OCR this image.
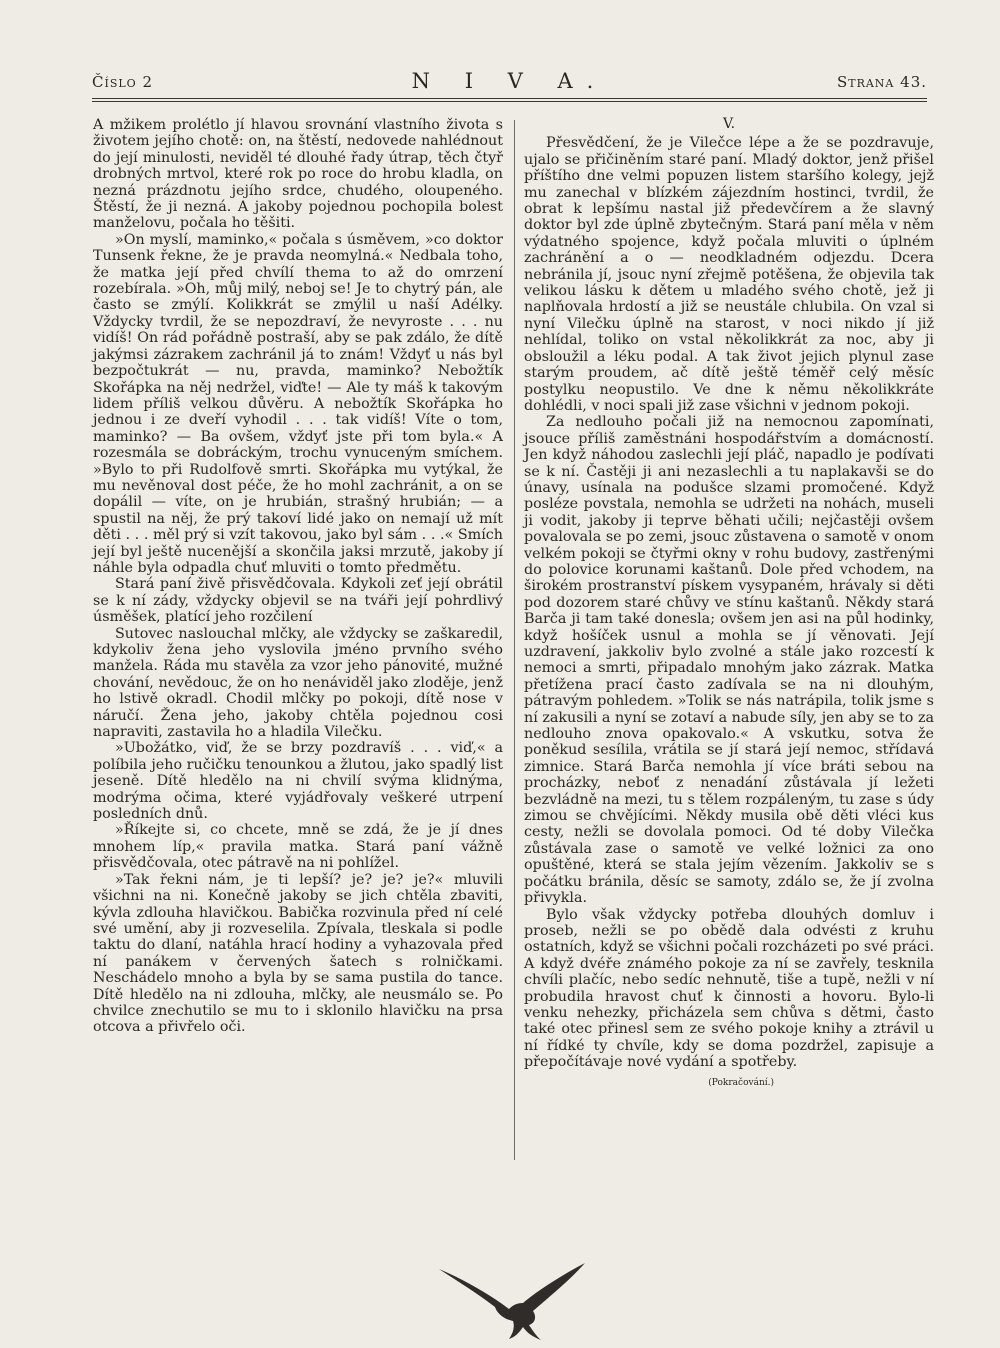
Číslo 2	N I V A.	Strana 43.

A mžikem prolétlo jí hlavou srovnání vlastního života s životem jejího chotě: on, na štěstí, nedovede nahlédnout do její minulosti, neviděl té dlouhé řady útrap, těch čtyř drobných mrtvol, které rok po roce do hrobu kladla, on nezná prázdnotu jejího srdce, chudého, oloupeného. Štěstí, že ji nezná. A jakoby pojednou pochopila bolest manželovu, počala ho těšiti.

»On myslí, maminko,« počala s úsměvem, »co doktor Tunsenk řekne, že je pravda neomylná.« Nedbala toho, že matka její před chvílí thema to až do omrzení rozebírala. »Oh, můj milý, neboj se! Je to chytrý pán, ale často se zmýlí. Kolikkrát se zmýlil u naší Adélky. Vždycky tvrdil, že se nepozdraví, že nevyroste . . . nu vidíš! On rád pořádně postraší, aby se pak zdálo, že dítě jakýmsi zázrakem zachránil já to znám! Vždyť u nás byl bezpočtukrát — nu, pravda, maminko? Nebožtík Skořápka na něj nedržel, viďte! — Ale ty máš k takovým lidem příliš velkou důvěru. A nebožtík Skořápka ho jednou i ze dveří vyhodil . . . tak vidíš! Víte o tom, maminko? — Ba ovšem, vždyť jste při tom byla.« A rozesmála se dobráckým, trochu vynuceným smíchem. »Bylo to při Rudolfově smrti. Skořápka mu vytýkal, že mu nevěnoval dost péče, že ho mohl zachránit, a on se dopálil — víte, on je hrubián, strašný hrubián; — a spustil na něj, že prý takoví lidé jako on nemají už mít děti . . . měl prý si vzít takovou, jako byl sám . . .« Smích její byl ještě nucenější a skončila jaksi mrzutě, jakoby jí náhle byla odpadla chuť mluviti o tomto předmětu.

Stará paní živě přisvědčovala. Kdykoli zeť její obrátil se k ní zády, vždycky objevil se na tváři její pohrdlivý úsměšek, platící jeho rozčilení

Sutovec naslouchal mlčky, ale vždycky se zaškaredil, kdykoliv žena jeho vyslovila jméno prvního svého manžela. Ráda mu stavěla za vzor jeho pánovité, mužné chování, nevědouc, že on ho nenáviděl jako zloděje, jenž ho lstivě okradl. Chodil mlčky po pokoji, dítě nose v náručí. Žena jeho, jakoby chtěla pojednou cosi napraviti, zastavila ho a hladila Vilečku.

»Ubožátko, viď, že se brzy pozdravíš . . . viď,« a políbila jeho ručičku tenounkou a žlutou, jako spadlý list jeseně. Dítě hledělo na ni chvilí svýma klidnýma, modrýma očima, které vyjádřovaly veškeré utrpení posledních dnů.

»Říkejte si, co chcete, mně se zdá, že je jí dnes mnohem líp,« pravila matka. Stará paní vážně přisvědčovala, otec pátravě na ni pohlížel.

»Tak řekni nám, je ti lepší? je? je? je?« mluvili všichni na ni. Konečně jakoby se jich chtěla zbaviti, kývla zdlouha hlavičkou. Babička rozvinula před ní celé své umění, aby ji rozveselila. Zpívala, tleskala si podle taktu do dlaní, natáhla hrací hodiny a vyhazovala před ní panákem v červených šatech s rolničkami. Neschádelo mnoho a byla by se sama pustila do tance. Dítě hledělo na ni zdlouha, mlčky, ale neusmálo se. Po chvilce znechutilo se mu to i sklonilo hlavičku na prsa otcova a přivřelo oči.

V.

Přesvědčení, že je Vilečce lépe a že se pozdravuje, ujalo se přičiněním staré paní. Mladý doktor, jenž přišel příštího dne velmi popuzen listem staršího kolegy, jejž mu zanechal v blízkém zájezdním hostinci, tvrdil, že obrat k lepšímu nastal již předevčírem a že slavný doktor byl zde úplně zbytečným. Stará paní měla v něm výdatného spojence, když počala mluviti o úplném zachránění a o — neodkladném odjezdu. Dcera nebránila jí, jsouc nyní zřejmě potěšena, že objevila tak velikou lásku k dětem u mladého svého chotě, jež ji naplňovala hrdostí a již se neustále chlubila. On vzal si nyní Vilečku úplně na starost, v noci nikdo jí již nehlídal, toliko on vstal několikkrát za noc, aby ji obsloužil a léku podal. A tak život jejich plynul zase starým proudem, ač dítě ještě téměř celý měsíc postylku neopustilo. Ve dne k němu několikkráte dohlédli, v noci spali již zase všichni v jednom pokoji.

Za nedlouho počali již na nemocnou zapomínati, jsouce příliš zaměstnáni hospodářstvím a domácností. Jen když náhodou zaslechli její pláč, napadlo je podívati se k ní. Častěji ji ani nezaslechli a tu naplakavši se do únavy, usínala na podušce slzami promočené. Když posléze povstala, nemohla se udržeti na nohách, museli ji vodit, jakoby ji teprve běhati učili; nejčastěji ovšem povalovala se po zemi, jsouc zůstavena o samotě v onom velkém pokoji se čtyřmi okny v rohu budovy, zastřenými do polovice korunami kaštanů. Dole před vchodem, na širokém prostranství pískem vysypaném, hrávaly si děti pod dozorem staré chůvy ve stínu kaštanů. Někdy stará Barča ji tam také donesla; ovšem jen asi na půl hodinky, když hošíček usnul a mohla se jí věnovati. Její uzdravení, jakkoliv bylo zvolné a stále jako rozcestí k nemoci a smrti, připadalo mnohým jako zázrak. Matka přetížena prací často zadívala se na ni dlouhým, pátravým pohledem. »Tolik se nás natrápila, tolik jsme s ní zakusili a nyní se zotaví a nabude síly, jen aby se to za nedlouho znova opakovalo.« A vskutku, sotva že poněkud sesílila, vrátila se jí stará její nemoc, střídavá zimnice. Stará Barča nemohla jí více bráti sebou na procházky, neboť z nenadání zůstávala jí ležeti bezvládně na mezi, tu s tělem rozpáleným, tu zase s údy zimou se chvějícími. Někdy musila obě děti vléci kus cesty, nežli se dovolala pomoci. Od té doby Vilečka zůstávala zase o samotě ve velké ložnici za ono opuštěné, která se stala jejím vězením. Jakkoliv se s počátku bránila, děsíc se samoty, zdálo se, že jí zvolna přivykla.

Bylo však vždycky potřeba dlouhých domluv i proseb, nežli se po obědě dala odvésti z kruhu ostatních, když se všichni počali rozcházeti po své práci. A když dvéře známého pokoje za ní se zavřely, tesknila chvíli plačíc, nebo sedíc nehnutě, tiše a tupě, nežli v ní probudila hravost chuť k činnosti a hovoru. Bylo-li venku nehezky, přicházela sem chůva s dětmi, často také otec přinesl sem ze svého pokoje knihy a ztrávil u ní řídké ty chvíle, kdy se doma pozdržel, zapisuje a přepočítávaje nové vydání a spotřeby.

(Pokračování.)
